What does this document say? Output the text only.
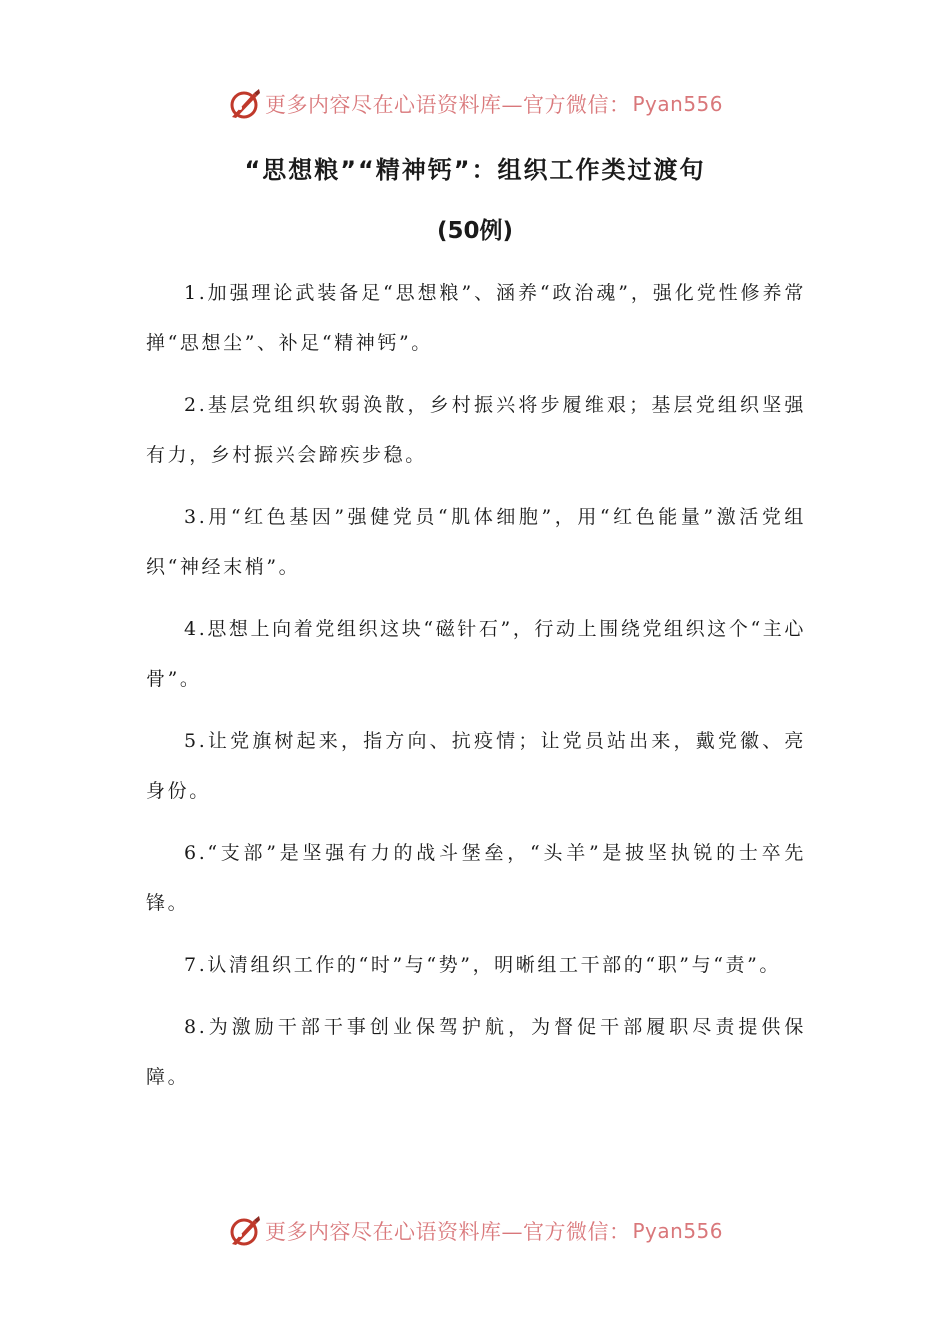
更多内容尽在心语资料库—官方微信： Pyan556
“思想粮”“精神钙”：组织工作类过渡句
(50例)

1.加强理论武装备足“思想粮”、涵养“政治魂”，强化党性修养常掸“思想尘”、补足“精神钙”。

2.基层党组织软弱涣散，乡村振兴将步履维艰；基层党组织坚强有力，乡村振兴会蹄疾步稳。

3.用“红色基因”强健党员“肌体细胞”，用“红色能量”激活党组织“神经末梢”。

4.思想上向着党组织这块“磁针石”，行动上围绕党组织这个“主心骨”。

5.让党旗树起来，指方向、抗疫情；让党员站出来，戴党徽、亮身份。

6.“支部”是坚强有力的战斗堡垒，“头羊”是披坚执锐的士卒先锋。

7.认清组织工作的“时”与“势”，明晰组工干部的“职”与“责”。

8.为激励干部干事创业保驾护航，为督促干部履职尽责提供保障。

更多内容尽在心语资料库—官方微信： Pyan556
